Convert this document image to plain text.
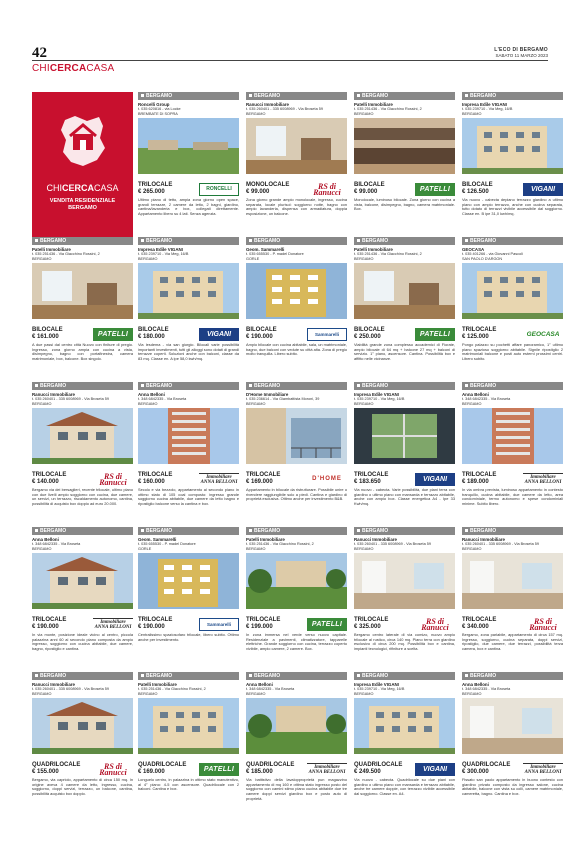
42	L'ECO DI BERGAMO
SABATO 11 MARZO 2023
CHICERCACASA
CHICERCACASA
VENDITA RESIDENZIALE
BERGAMO
BERGAMO
Roncelli Group
t. 035 620816 - via Locke
BREMBATE DI SOPRA
TRILOCALE
€ 265.000
RONCELLI
Ultimo piano di tetto, ampia zona giorno open space, grandi terrazze, 2 camere da letto, 2 bagni, giardino, cantina/lavanderia e box, collegati direttamente. Appartamento libero su 4 lati. Senza agenzia.
BERGAMO
Ranucci Immobiliare
t. 035 260401 - 335 6008969 - Via Broseta 59
BERGAMO
MONOLOCALE
€ 99.000
RS di Ranucci
Zona giorno grande ampio monolocale, ingresso, cucina separata, locale plurisol: soggiorno notte, bagno con ampio lavanderia, dispensa con armadiatura, doppia esposizione, un balcone.
BERGAMO
Patelli Immobiliare
t. 035 251436 - Via Giacchino Rossini, 2
BERGAMO
BILOCALE
€ 99.000	PATELLI
Monolocale, luminoso bilocale. Zona giorno con cucina a vista, balcone, disimpegno, bagno, camera matrimoniale. Box.
BERGAMO
Impresa Edile VIGANI
t. 035 239710 - Via Meg, 16/B
BERGAMO
BILOCALE
€ 126.500	VIGANI
Via nuovo - cabecta depiano terrazzo giardino a ultimo piano con ampio terrazzo, anche con cucina separata, tutto dotato di terrazzi vivibile accessibile dal soggiorno. Classe en. B ipe 31,0 kwh/mq.
BERGAMO
Patelli Immobiliare
t. 035 251436 - Via Giacchino Rossini, 2
BERGAMO
BILOCALE
€ 161.000	PATELLI
A due passi dal centro città Nuovo con finiture di pregio. Ingresso, zona giorno ampia con cucina a vista, disimpegno, bagno con portafinestra, camera matrimoniale, box, balcone. Box singolo.
BERGAMO
Impresa Edile VIGANI
t. 035 239710 - Via Meg, 16/B
BERGAMO
BILOCALE
€ 180.000	VIGANI
Via lesdema - via san giorgio. Bilocali varie possibilità importanti investimenti, tutti gli alloggi sono dotati di grandi terrazze coperti. Soluzioni anche con balconi, classe da 83 mq. Classe en. A ipe 58,0 kwh/mq.
BERGAMO
Geom. Sammarelli
t. 035 655530 - P. madel Donatore
GORLE
BILOCALE
€ 190.000	Sammarelli
Ampio bilocale con cucina abitabile, sala, un matrimoniale, bagno, due balconi con vedute su città alta. Zona di pregio molto tranquilla. Libero subito.
BERGAMO
Patelli Immobiliare
t. 035 251436 - Via Giacchino Rossini, 2
BERGAMO
BILOCALE
€ 250.000	PATELLI
Viabilità grande zona complesso accademici di Fiorate, ampio bilocale di 64 mq + balcone 27 mq + balconi di servizio. 1° piano, ascensore. Cantina. Possibilità box e affitto nelle vicinanze.
BERGAMO
GEOCASA
t. 035 401266 - via Giovanni Pascoli
SAN PAOLO D'ARGON
TRILOCALE
€ 125.000	GEOCASA
Pongo palazzo su pochetti affare panoramico, 1° ultimo piano spazioso soggiorno abitabile. Signile ripostiglio 2 matrimoniali balcone e posti auto esterni prossimi centri. Libero subito.
BERGAMO
Ranucci Immobiliare
t. 035 260401 - 335 6008969 - Via Broseta 59
BERGAMO
TRILOCALE
€ 140.000
RS di Ranucci
Bergamo via dei bersaglieri, recente trilocale, ultimo piano con due livelli ampio soggiorno con cucina, due camere, un servizi, un terrazzo, riscaldamento autonomo, cantina, possibilità di acquisto box doppio ad euro 20.000.
BERGAMO
Anna Belloni
t. 348 6842335 - Via Broseta
BERGAMO
TRILOCALE
€ 160.000
Immobiliare ANNA BELLONI
Secolo e via bezzolo, appartamento al secondo piano in ottimo stato di 105 coal composto: ingresso grande soggiorno cucina abitabile, due camere da letto bagno e ripostiglio balcone verso la cantina e box.
BERGAMO
D'Home Immobiliare
t. 035 236614 - Via Giambattista Moroni, 39
BERGAMO
TRILOCALE
€ 169.000
D'HOME
Appartamento in bilocale da ristrutturare. Possibile unire o rivendere raggiungibile solo a piedi. Cantina e giardino di proprietà esclusiva. Ottimo anche per investimento B&B.
BERGAMO
Impresa Edile VIGANI
t. 035 239710 - Via Meg, 16/B
BERGAMO
TRILOCALE
€ 183.650	VIGANI
Via nuovo - cabecta. Varie possibilità, due piani terra con giardino o ultimo piano con mansarda e terrazzo abitabile, anche con ampio box. Classe energetica A4 - Ipe 33 Kwh/mq.
BERGAMO
Anna Belloni
t. 348 6842335 - Via Broseta
BERGAMO
TRILOCALE
€ 189.000
Immobiliare ANNA BELLONI
In via ombra prevista, luminoso appartamento in contesto tranquillo, cucina abitabile, due camere da letto, area condominiale, termo autonomo e spese condominiali minime. Subito libero.
BERGAMO
Anna Belloni
t. 348 6842335 - Via Broseta
BERGAMO
TRILOCALE
€ 190.000
Immobiliare ANNA BELLONI
In via monte, posizione ideale vicino al centro, piccola palazzina anni 60 al secondo piano composta da ampio ingresso, soggiorno con cucina abitabile, due camere, bagno, ripostiglio e cantina.
BERGAMO
Geom. Sammarelli
t. 035 655530 - P. madel Donatore
GORLE
TRILOCALE
€ 190.000	Sammarelli
Centralissimo spaziosofaro trilocale, libero subito. Ottimo anche per investimento.
BERGAMO
Patelli Immobiliare
t. 035 251436 - Via Giacchino Rossini, 2
BERGAMO
TRILOCALE
€ 199.000	PATELLI
In zona immersa nel verde verso nuovo capitale. Residenziale a pavimenti, climatizzatore, tapparelle elettriche. Grande soggiorno con cucina, terrazzo coperto vivibile, ampio camere, 2 camere. Box.
BERGAMO
Ranucci Immobiliare
t. 035 260401 - 335 6008969 - Via Broseta 59
BERGAMO
TRILOCALE
€ 325.000
RS di Ranucci
Bergamo centro laterale di via comizo, nuovo ampio trilocale al rustico, circa 140 mq. Piano terra con giardino esclusivo di circa 200 mq. Possibilità box e cantina, impianti tecnologici, rifiniture a scelta.
BERGAMO
Ranucci Immobiliare
t. 035 260401 - 335 6008969 - Via Broseta 59
BERGAMO
TRILOCALE
€ 340.000
RS di Ranucci
Bergamo, zona parlabile, appartamento di circa 157 mq. Ingresso, soggiorno, cucina separata, doppi servizi, ripostiglio, due camere, due terrazzi, possibilità terza camera, box e cantina.
BERGAMO
Ranucci Immobiliare
t. 035 260401 - 335 6008969 - Via Broseta 59
BERGAMO
QUADRILOCALE
€ 155.000
RS di Ranucci
Bergamo, via capriolo, appartamento di circa 150 mq. In origine aveva 4 camere da letto, ingresso, cucina, soggiorno, doppi servizi, terrazzo, un balcone, cantina, possibilità acquisto box doppio.
BERGAMO
Patelli Immobiliare
t. 035 251436 - Via Giacchino Rossini, 2
BERGAMO
QUADRILOCALE
€ 169.000	PATELLI
Longuelo centro, in palazzina in ottimo stato manutentivo, al 4° piano: 4-5 con ascensore. Quadrilocale con 2 balconi. Cantina e box.
BERGAMO
Anna Belloni
t. 348 6842335 - Via Broseta
BERGAMO
QUADRILOCALE
€ 185.000
Immobiliare ANNA BELLONI
Via battistivo della lavalopproprietà pun magazzino appartamento di mq 160 e ottima stato ingresso posto del soggiorno con camini stimo piano cucina abitabile due tre camere doppi servizi giardino box e posto auto di proprietà.
BERGAMO
Impresa Edile VIGANI
t. 035 239710 - Via Meg, 16/B
BERGAMO
QUADRILOCALE
€ 249.500	VIGANI
Via nuovo - cabecta. Quadrilocale su due piani con giardino o ultimo piano con mansarda e terrazzo abitabile, anche tre camere doppie, con terrazzo vivibile accessibile dal soggiorno. Classe en. A4.
BERGAMO
Anna Belloni
t. 348 6842335 - Via Broseta
BERGAMO
QUADRILOCALE
€ 300.000
Immobiliare ANNA BELLONI
Fissato san paolo appartamento in buono contesto con giardino privato composto da ingresso salone, cucina abitabile, balcone con vista su colli, camere matrimoniale, cameretta, bagno. Cantina e box.
